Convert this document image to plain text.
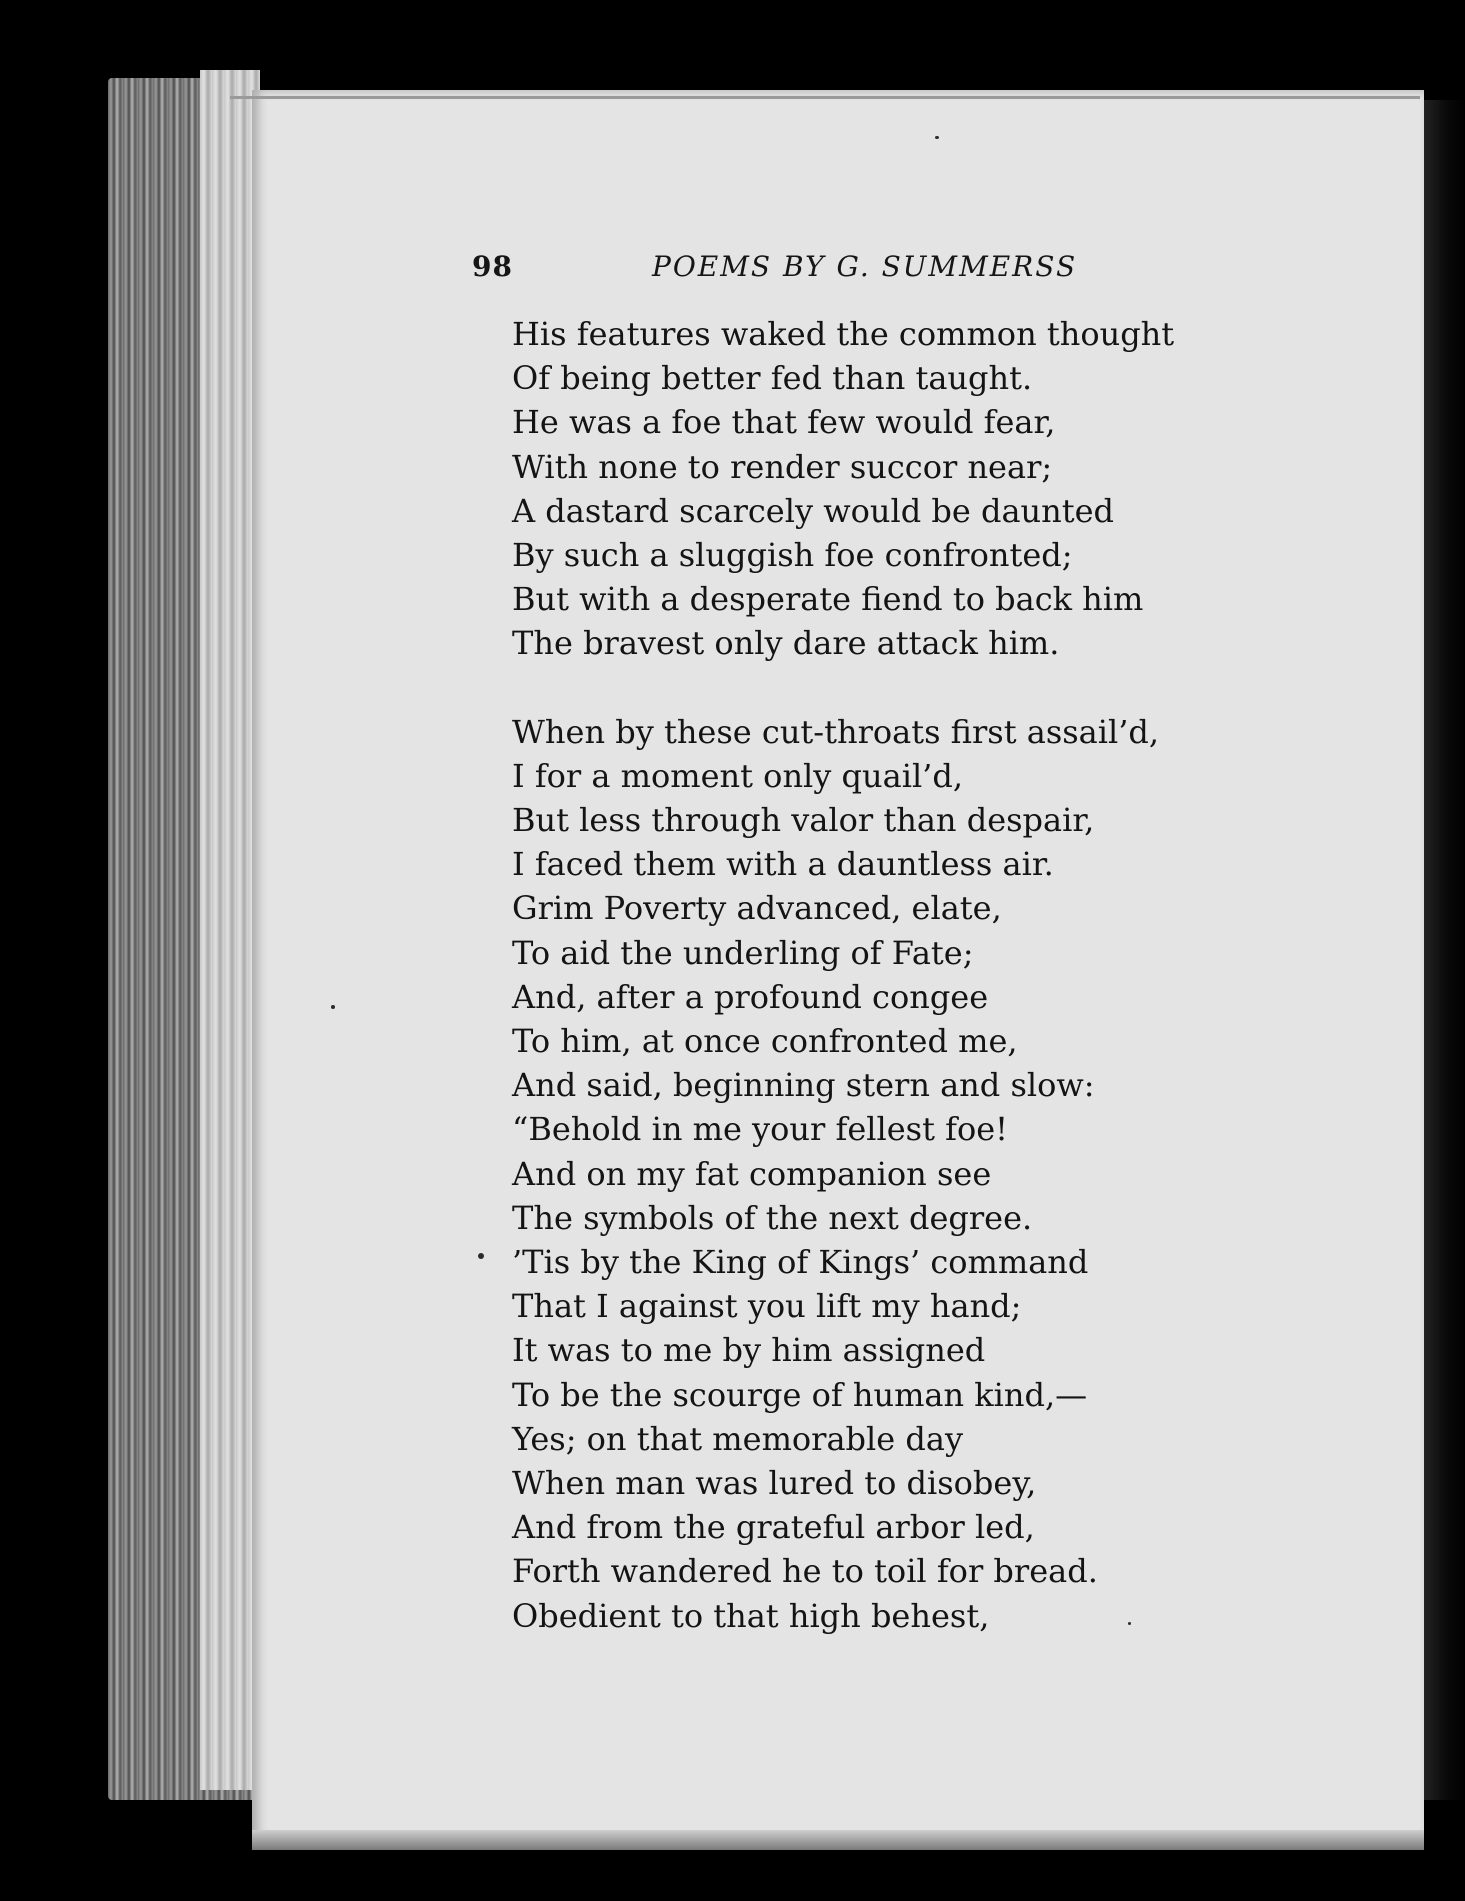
98	POEMS BY G. SUMMERSS
His features waked the common thought
Of being better fed than taught.
He was a foe that few would fear,
With none to render succor near;
A dastard scarcely would be daunted
By such a sluggish foe confronted;
But with a desperate fiend to back him
The bravest only dare attack him.
When by these cut-throats first assail’d,
I for a moment only quail’d,
But less through valor than despair,
I faced them with a dauntless air.
Grim Poverty advanced, elate,
To aid the underling of Fate;
And, after a profound congee
To him, at once confronted me,
And said, beginning stern and slow:
“Behold in me your fellest foe!
And on my fat companion see
The symbols of the next degree.
’Tis by the King of Kings’ command
That I against you lift my hand;
It was to me by him assigned
To be the scourge of human kind,—
Yes; on that memorable day
When man was lured to disobey,
And from the grateful arbor led,
Forth wandered he to toil for bread.
Obedient to that high behest,
